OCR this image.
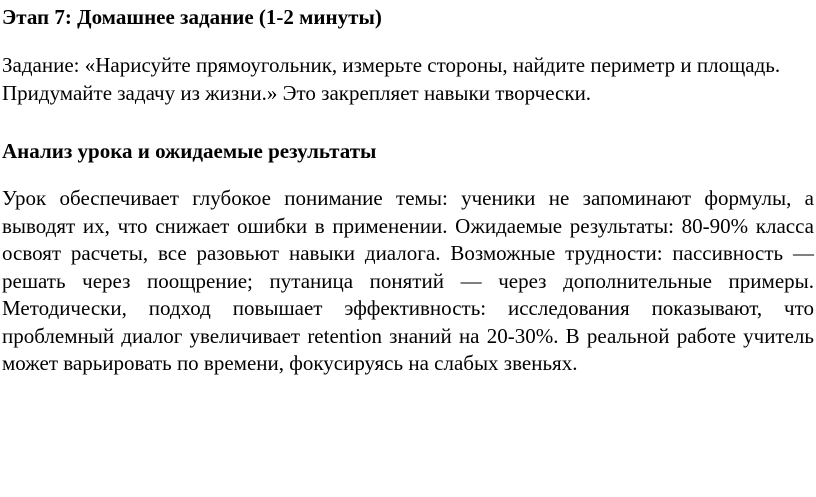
Этап 7: Домашнее задание (1-2 минуты)

Задание: «Нарисуйте прямоугольник, измерьте стороны, найдите периметр и площадь. Придумайте задачу из жизни.» Это закрепляет навыки творчески.

Анализ урока и ожидаемые результаты

Урок обеспечивает глубокое понимание темы: ученики не запоминают формулы, а выводят их, что снижает ошибки в применении. Ожидаемые результаты: 80-90% класса освоят расчеты, все разовьют навыки диалога. Возможные трудности: пассивность — решать через поощрение; путаница понятий — через дополнительные примеры. Методически, подход повышает эффективность: исследования показывают, что проблемный диалог увеличивает retention знаний на 20-30%. В реальной работе учитель может варьировать по времени, фокусируясь на слабых звеньях.
